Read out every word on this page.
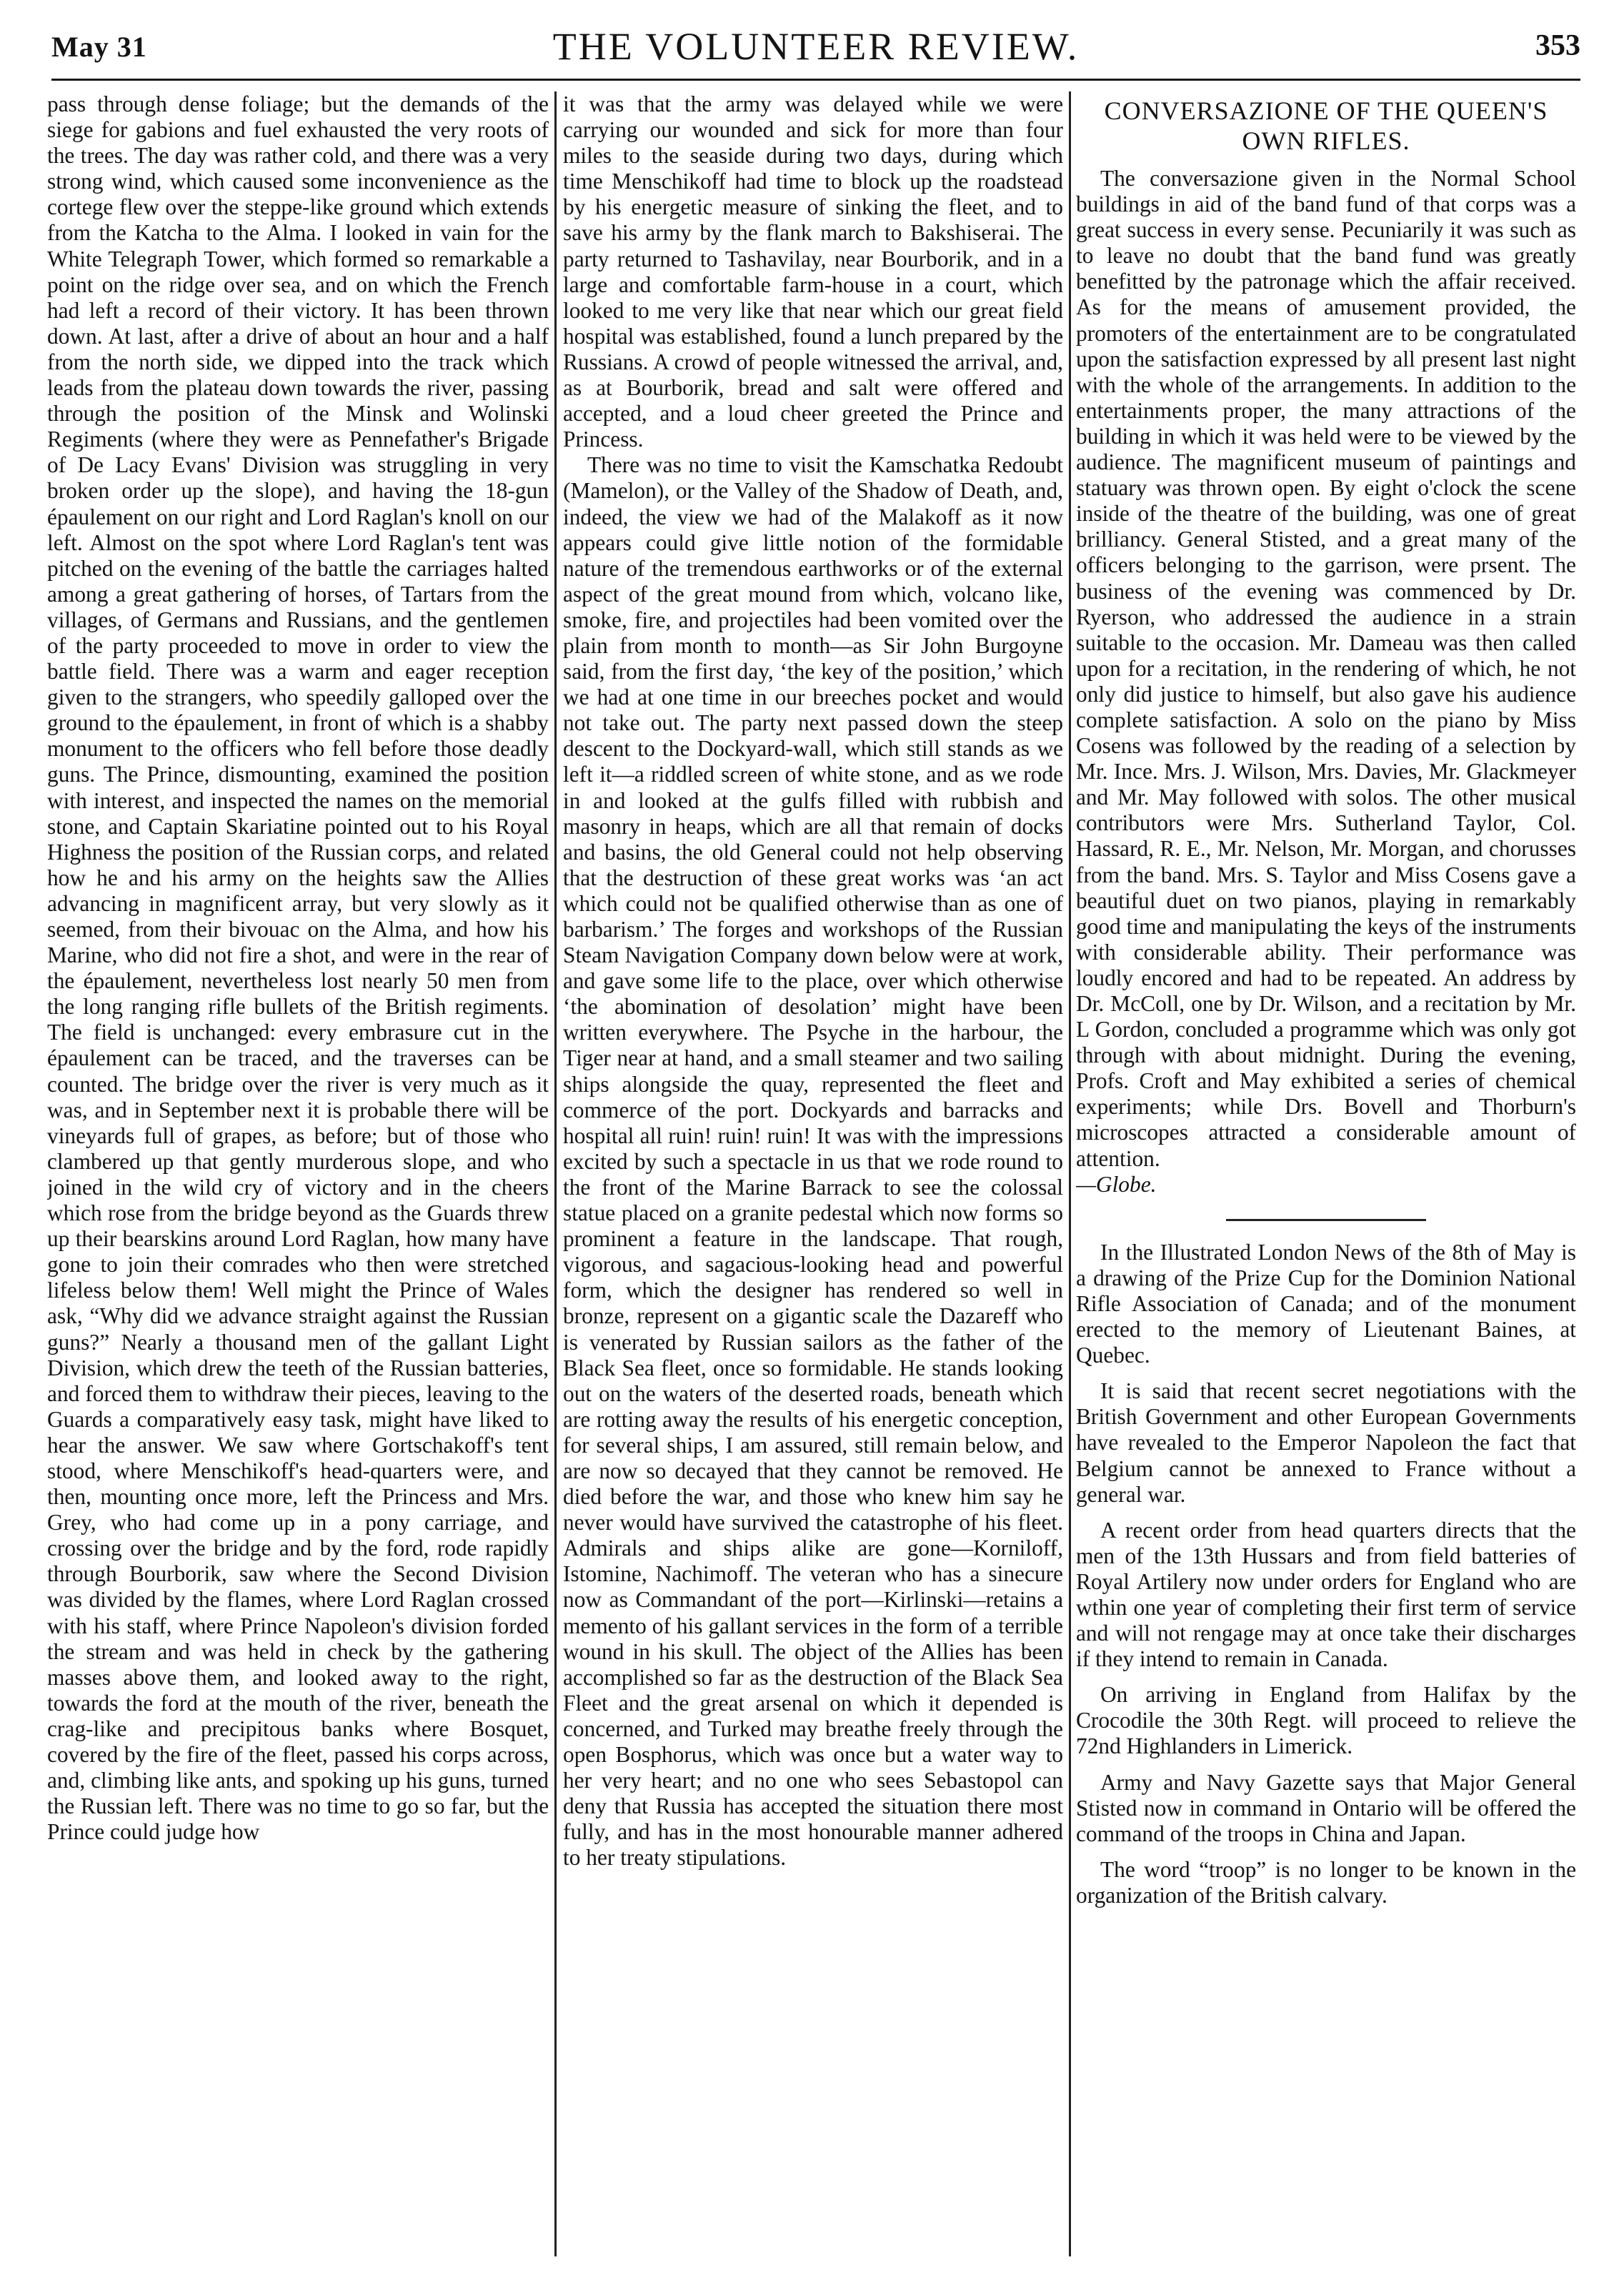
May 31	THE VOLUNTEER REVIEW.	353

pass through dense foliage; but the demands of the siege for gabions and fuel exhausted the very roots of the trees. The day was rather cold, and there was a very strong wind, which caused some inconvenience as the cortege flew over the steppe-like ground which extends from the Katcha to the Alma. I looked in vain for the White Telegraph Tower, which formed so remarkable a point on the ridge over sea, and on which the French had left a record of their victory. It has been thrown down. At last, after a drive of about an hour and a half from the north side, we dipped into the track which leads from the plateau down towards the river, passing through the position of the Minsk and Wolinski Regiments (where they were as Pennefather's Brigade of De Lacy Evans' Division was struggling in very broken order up the slope), and having the 18-gun épaulement on our right and Lord Raglan's knoll on our left. Almost on the spot where Lord Raglan's tent was pitched on the evening of the battle the carriages halted among a great gathering of horses, of Tartars from the villages, of Germans and Russians, and the gentlemen of the party proceeded to move in order to view the battle field. There was a warm and eager reception given to the strangers, who speedily galloped over the ground to the épaulement, in front of which is a shabby monument to the officers who fell before those deadly guns. The Prince, dismounting, examined the position with interest, and inspected the names on the memorial stone, and Captain Skariatine pointed out to his Royal Highness the position of the Russian corps, and related how he and his army on the heights saw the Allies advancing in magnificent array, but very slowly as it seemed, from their bivouac on the Alma, and how his Marine, who did not fire a shot, and were in the rear of the épaulement, nevertheless lost nearly 50 men from the long ranging rifle bullets of the British regiments. The field is unchanged: every embrasure cut in the épaulement can be traced, and the traverses can be counted. The bridge over the river is very much as it was, and in September next it is probable there will be vineyards full of grapes, as before; but of those who clambered up that gently murderous slope, and who joined in the wild cry of victory and in the cheers which rose from the bridge beyond as the Guards threw up their bearskins around Lord Raglan, how many have gone to join their comrades who then were stretched lifeless below them! Well might the Prince of Wales ask, “Why did we advance straight against the Russian guns?” Nearly a thousand men of the gallant Light Division, which drew the teeth of the Russian batteries, and forced them to withdraw their pieces, leaving to the Guards a comparatively easy task, might have liked to hear the answer. We saw where Gortschakoff's tent stood, where Menschikoff's head-quarters were, and then, mounting once more, left the Princess and Mrs. Grey, who had come up in a pony carriage, and crossing over the bridge and by the ford, rode rapidly through Bourborik, saw where the Second Division was divided by the flames, where Lord Raglan crossed with his staff, where Prince Napoleon's division forded the stream and was held in check by the gathering masses above them, and looked away to the right, towards the ford at the mouth of the river, beneath the crag-like and precipitous banks where Bosquet, covered by the fire of the fleet, passed his corps across, and, climbing like ants, and spoking up his guns, turned the Russian left. There was no time to go so far, but the Prince could judge how

it was that the army was delayed while we were carrying our wounded and sick for more than four miles to the seaside during two days, during which time Menschikoff had time to block up the roadstead by his energetic measure of sinking the fleet, and to save his army by the flank march to Bakshiserai. The party returned to Tashavilay, near Bourborik, and in a large and comfortable farm-house in a court, which looked to me very like that near which our great field hospital was established, found a lunch prepared by the Russians. A crowd of people witnessed the arrival, and, as at Bourborik, bread and salt were offered and accepted, and a loud cheer greeted the Prince and Princess.

There was no time to visit the Kamschatka Redoubt (Mamelon), or the Valley of the Shadow of Death, and, indeed, the view we had of the Malakoff as it now appears could give little notion of the formidable nature of the tremendous earthworks or of the external aspect of the great mound from which, volcano like, smoke, fire, and projectiles had been vomited over the plain from month to month—as Sir John Burgoyne said, from the first day, ‘the key of the position,’ which we had at one time in our breeches pocket and would not take out. The party next passed down the steep descent to the Dockyard-wall, which still stands as we left it—a riddled screen of white stone, and as we rode in and looked at the gulfs filled with rubbish and masonry in heaps, which are all that remain of docks and basins, the old General could not help observing that the destruction of these great works was ‘an act which could not be qualified otherwise than as one of barbarism.’ The forges and workshops of the Russian Steam Navigation Company down below were at work, and gave some life to the place, over which otherwise ‘the abomination of desolation’ might have been written everywhere. The Psyche in the harbour, the Tiger near at hand, and a small steamer and two sailing ships alongside the quay, represented the fleet and commerce of the port. Dockyards and barracks and hospital all ruin! ruin! ruin! It was with the impressions excited by such a spectacle in us that we rode round to the front of the Marine Barrack to see the colossal statue placed on a granite pedestal which now forms so prominent a feature in the landscape. That rough, vigorous, and sagacious-looking head and powerful form, which the designer has rendered so well in bronze, represent on a gigantic scale the Dazareff who is venerated by Russian sailors as the father of the Black Sea fleet, once so formidable. He stands looking out on the waters of the deserted roads, beneath which are rotting away the results of his energetic conception, for several ships, I am assured, still remain below, and are now so decayed that they cannot be removed. He died before the war, and those who knew him say he never would have survived the catastrophe of his fleet. Admirals and ships alike are gone—Korniloff, Istomine, Nachimoff. The veteran who has a sinecure now as Commandant of the port—Kirlinski—retains a memento of his gallant services in the form of a terrible wound in his skull. The object of the Allies has been accomplished so far as the destruction of the Black Sea Fleet and the great arsenal on which it depended is concerned, and Turked may breathe freely through the open Bosphorus, which was once but a water way to her very heart; and no one who sees Sebastopol can deny that Russia has accepted the situation there most fully, and has in the most honourable manner adhered to her treaty stipulations.

CONVERSAZIONE OF THE QUEEN'S OWN RIFLES.

The conversazione given in the Normal School buildings in aid of the band fund of that corps was a great success in every sense. Pecuniarily it was such as to leave no doubt that the band fund was greatly benefitted by the patronage which the affair received. As for the means of amusement provided, the promoters of the entertainment are to be congratulated upon the satisfaction expressed by all present last night with the whole of the arrangements. In addition to the entertainments proper, the many attractions of the building in which it was held were to be viewed by the audience. The magnificent museum of paintings and statuary was thrown open. By eight o'clock the scene inside of the theatre of the building, was one of great brilliancy. General Stisted, and a great many of the officers belonging to the garrison, were prsent. The business of the evening was commenced by Dr. Ryerson, who addressed the audience in a strain suitable to the occasion. Mr. Dameau was then called upon for a recitation, in the rendering of which, he not only did justice to himself, but also gave his audience complete satisfaction. A solo on the piano by Miss Cosens was followed by the reading of a selection by Mr. Ince. Mrs. J. Wilson, Mrs. Davies, Mr. Glackmeyer and Mr. May followed with solos. The other musical contributors were Mrs. Sutherland Taylor, Col. Hassard, R. E., Mr. Nelson, Mr. Morgan, and chorusses from the band. Mrs. S. Taylor and Miss Cosens gave a beautiful duet on two pianos, playing in remarkably good time and manipulating the keys of the instruments with considerable ability. Their performance was loudly encored and had to be repeated. An address by Dr. McColl, one by Dr. Wilson, and a recitation by Mr. L Gordon, concluded a programme which was only got through with about midnight. During the evening, Profs. Croft and May exhibited a series of chemical experiments; while Drs. Bovell and Thorburn's microscopes attracted a considerable amount of attention.

—Globe.

In the Illustrated London News of the 8th of May is a drawing of the Prize Cup for the Dominion National Rifle Association of Canada; and of the monument erected to the memory of Lieutenant Baines, at Quebec.

It is said that recent secret negotiations with the British Government and other European Governments have revealed to the Emperor Napoleon the fact that Belgium cannot be annexed to France without a general war.

A recent order from head quarters directs that the men of the 13th Hussars and from field batteries of Royal Artilery now under orders for England who are wthin one year of completing their first term of service and will not rengage may at once take their discharges if they intend to remain in Canada.

On arriving in England from Halifax by the Crocodile the 30th Regt. will proceed to relieve the 72nd Highlanders in Limerick.

Army and Navy Gazette says that Major General Stisted now in command in Ontario will be offered the command of the troops in China and Japan.

The word “troop” is no longer to be known in the organization of the British calvary.
